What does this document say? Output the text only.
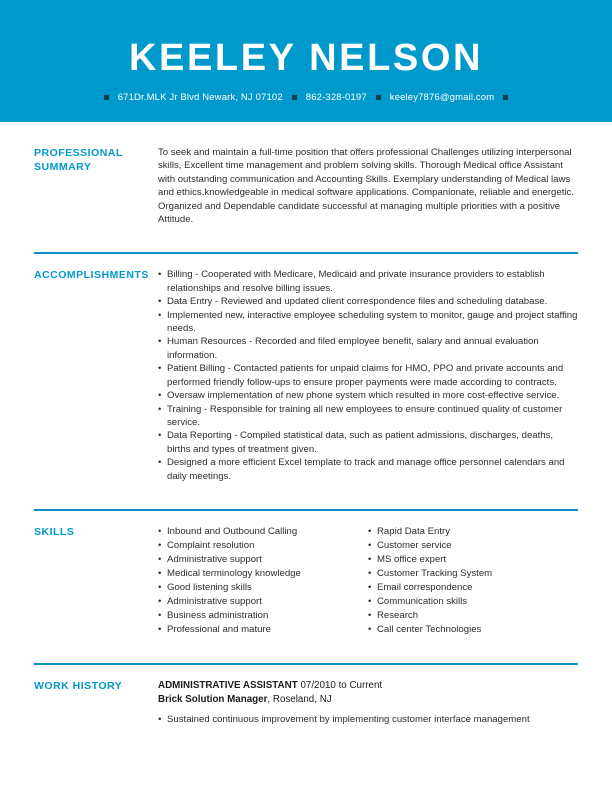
KEELEY NELSON
671Dr.MLK Jr Blvd Newark, NJ 07102 862-328-0197 keeley7876@gmail.com
PROFESSIONAL
SUMMARY
To seek and maintain a full-time position that offers professional Challenges utilizing interpersonal skills, Excellent time management and problem solving skills. Thorough Medical office Assistant with outstanding communication and Accounting Skills. Exemplary understanding of Medical laws and ethics.knowledgeable in medical software applications. Companionate, reliable and energetic. Organized and Dependable candidate successful at managing multiple priorities with a positive Attitude.
ACCOMPLISHMENTS	• Billing - Cooperated with Medicare, Medicaid and private insurance providers to establish relationships and resolve billing issues.
• Data Entry - Reviewed and updated client correspondence files and scheduling database.
• Implemented new, interactive employee scheduling system to monitor, gauge and project staffing needs.
• Human Resources - Recorded and filed employee benefit, salary and annual evaluation information.
• Patient Billing - Contacted patients for unpaid claims for HMO, PPO and private accounts and performed friendly follow-ups to ensure proper payments were made according to contracts.
• Oversaw implementation of new phone system which resulted in more cost-effective service.
• Training - Responsible for training all new employees to ensure continued quality of customer service.
• Data Reporting - Compiled statistical data, such as patient admissions, discharges, deaths, births and types of treatment given.
• Designed a more efficient Excel template to track and manage office personnel calendars and daily meetings.
SKILLS	• Inbound and Outbound Calling
• Complaint resolution
• Administrative support
• Medical terminology knowledge
• Good listening skills
• Administrative support
• Business administration
• Professional and mature
• Rapid Data Entry
• Customer service
• MS office expert
• Customer Tracking System
• Email correspondence
• Communication skills
• Research
• Call center Technologies
WORK HISTORY	ADMINISTRATIVE ASSISTANT 07/2010 to Current
Brick Solution Manager, Roseland, NJ
• Sustained continuous improvement by implementing customer interface management
